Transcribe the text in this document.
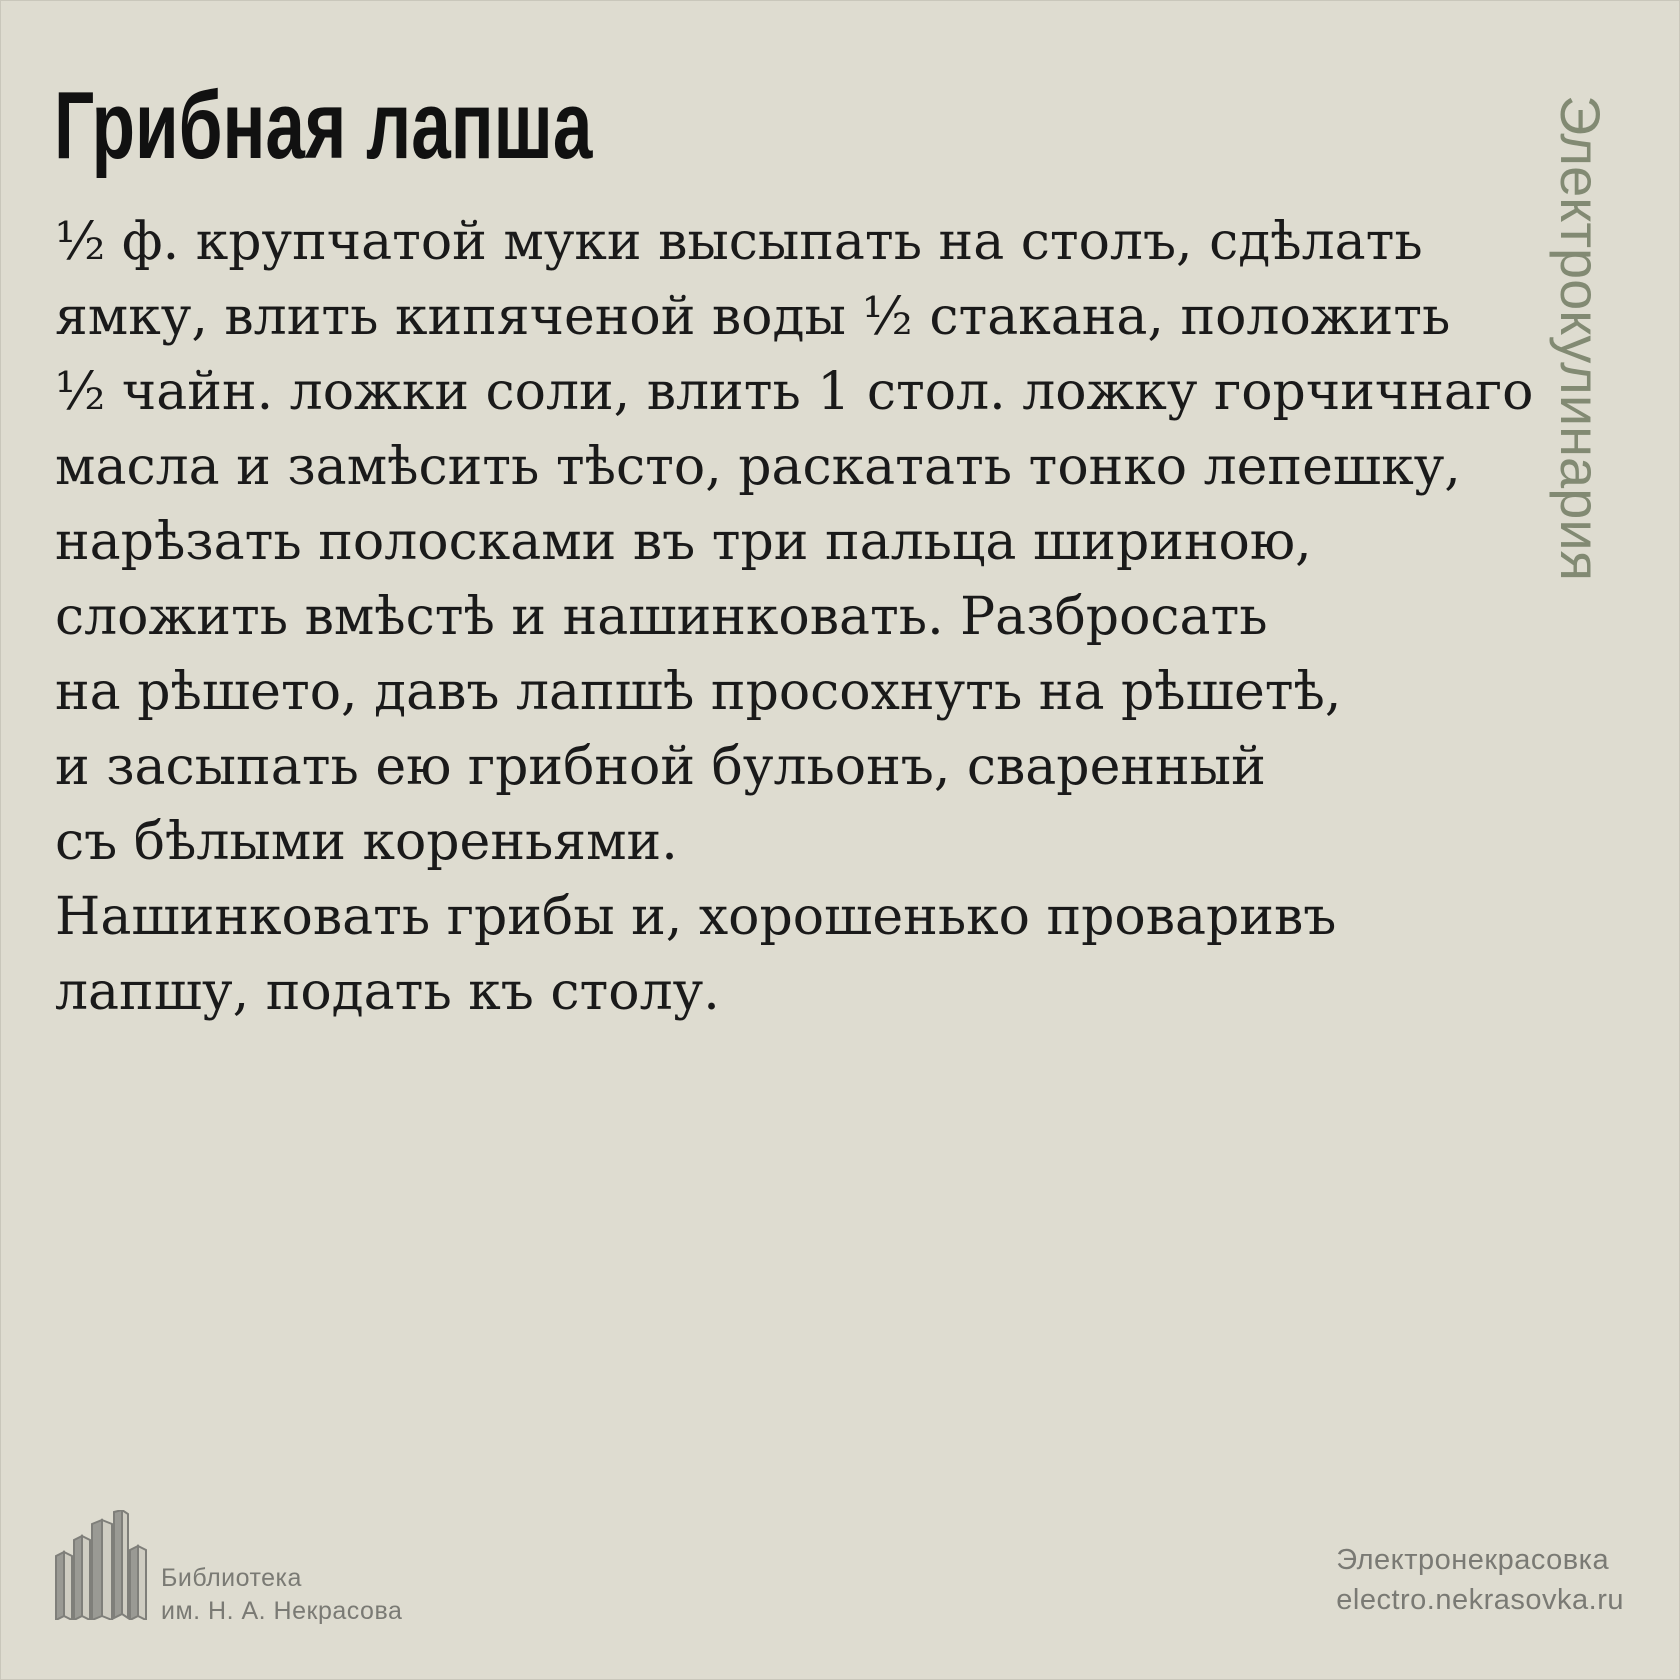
Грибная лапша
½ ф. крупчатой муки высыпать на столъ, сдѣлать
ямку, влить кипяченой воды ½ стакана, положить
½ чайн. ложки соли, влить 1 стол. ложку горчичнаго
масла и замѣсить тѣсто, раскатать тонко лепешку,
нарѣзать полосками въ три пальца шириною,
сложить вмѣстѣ и нашинковать. Разбросать
на рѣшето, давъ лапшѣ просохнуть на рѣшетѣ,
и засыпать ею грибной бульонъ, сваренный
съ бѣлыми кореньями.
Нашинковать грибы и, хорошенько проваривъ
лапшу, подать къ столу.
Электрокулинария
Библиотека
им. Н. А. Некрасова
Электронекрасовка
electro.nekrasovka.ru
